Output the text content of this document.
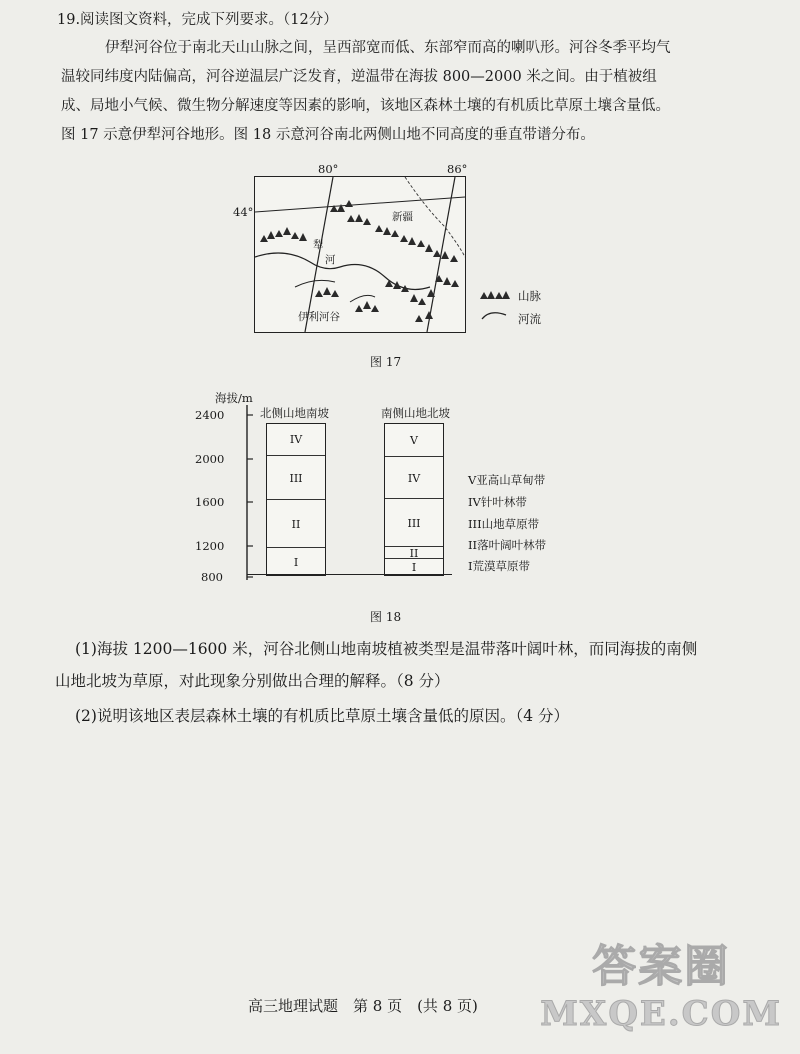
19.阅读图文资料，完成下列要求。（12分）
伊犁河谷位于南北天山山脉之间，呈西部宽而低、东部窄而高的喇叭形。河谷冬季平均气
温较同纬度内陆偏高，河谷逆温层广泛发育，逆温带在海拔 800—2000 米之间。由于植被组
成、局地小气候、微生物分解速度等因素的影响，该地区森林土壤的有机质比草原土壤含量低。
图 17 示意伊犁河谷地形。图 18 示意河谷南北两侧山地不同高度的垂直带谱分布。
80°	86°
44°	新疆
犁
河
伊利河谷
山脉
河流
图 17
海拔/m
2400
2000
1600
1200
800
北侧山地南坡	南侧山地北坡
IV
III
II
I
V
IV
III
II
I
V亚高山草甸带
IV针叶林带
III山地草原带
II落叶阔叶林带
I荒漠草原带
图 18
(1)海拔 1200—1600 米，河谷北侧山地南坡植被类型是温带落叶阔叶林，而同海拔的南侧
山地北坡为草原，对此现象分别做出合理的解释。（8 分）
(2)说明该地区表层森林土壤的有机质比草原土壤含量低的原因。（4 分）
高三地理试题　第 8 页　(共 8 页)
答案圈
MXQE.COM
